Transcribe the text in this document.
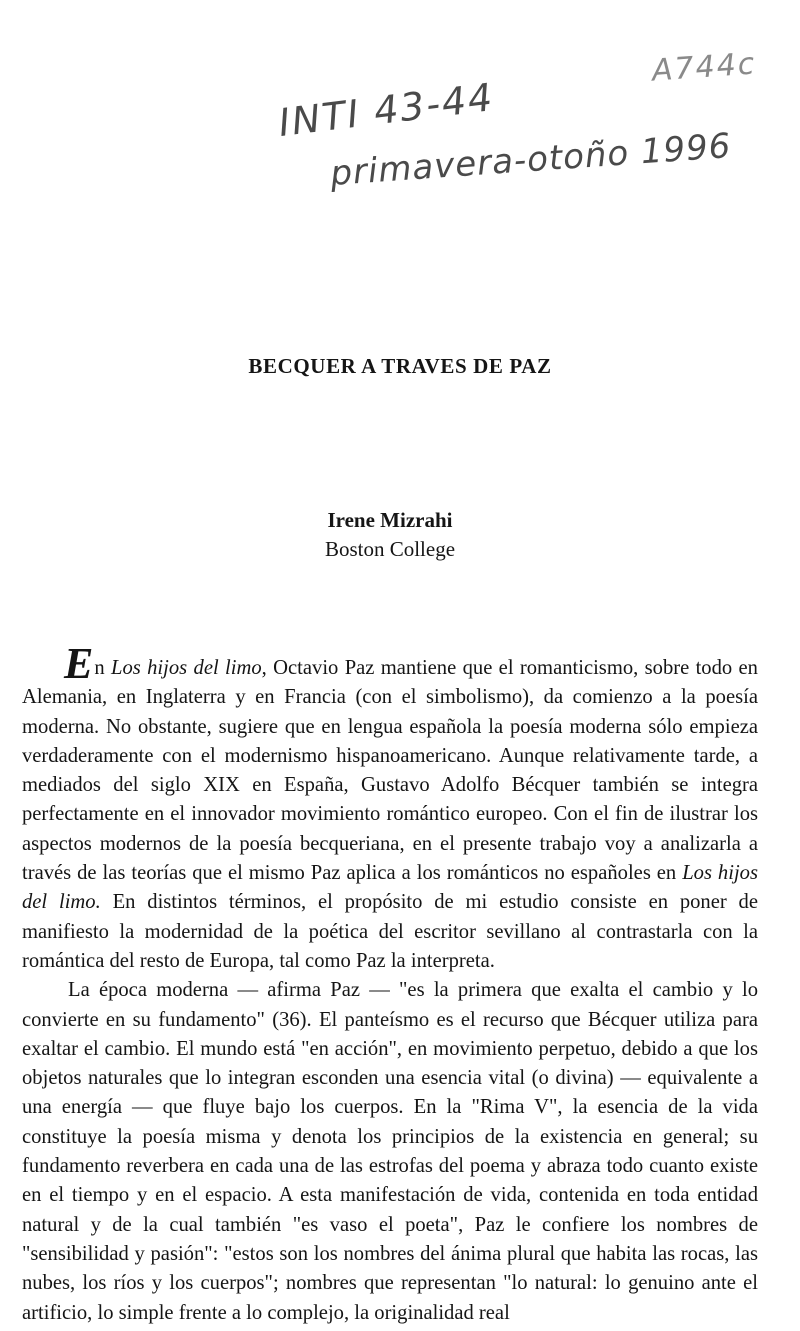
A744c
INTI 43-44
primavera-otoño 1996
BECQUER A TRAVES DE PAZ
Irene Mizrahi
Boston College

En Los hijos del limo, Octavio Paz mantiene que el romanticismo, sobre todo en Alemania, en Inglaterra y en Francia (con el simbolismo), da comienzo a la poesía moderna. No obstante, sugiere que en lengua española la poesía moderna sólo empieza verdaderamente con el modernismo hispanoamericano. Aunque relativamente tarde, a mediados del siglo XIX en España, Gustavo Adolfo Bécquer también se integra perfectamente en el innovador movimiento romántico europeo. Con el fin de ilustrar los aspectos modernos de la poesía becqueriana, en el presente trabajo voy a analizarla a través de las teorías que el mismo Paz aplica a los románticos no españoles en Los hijos del limo. En distintos términos, el propósito de mi estudio consiste en poner de manifiesto la modernidad de la poética del escritor sevillano al contrastarla con la romántica del resto de Europa, tal como Paz la interpreta.

La época moderna — afirma Paz — "es la primera que exalta el cambio y lo convierte en su fundamento" (36). El panteísmo es el recurso que Bécquer utiliza para exaltar el cambio. El mundo está "en acción", en movimiento perpetuo, debido a que los objetos naturales que lo integran esconden una esencia vital (o divina) — equivalente a una energía — que fluye bajo los cuerpos. En la "Rima V", la esencia de la vida constituye la poesía misma y denota los principios de la existencia en general; su fundamento reverbera en cada una de las estrofas del poema y abraza todo cuanto existe en el tiempo y en el espacio. A esta manifestación de vida, contenida en toda entidad natural y de la cual también "es vaso el poeta", Paz le confiere los nombres de "sensibilidad y pasión": "estos son los nombres del ánima plural que habita las rocas, las nubes, los ríos y los cuerpos"; nombres que representan "lo natural: lo genuino ante el artificio, lo simple frente a lo complejo, la originalidad real
